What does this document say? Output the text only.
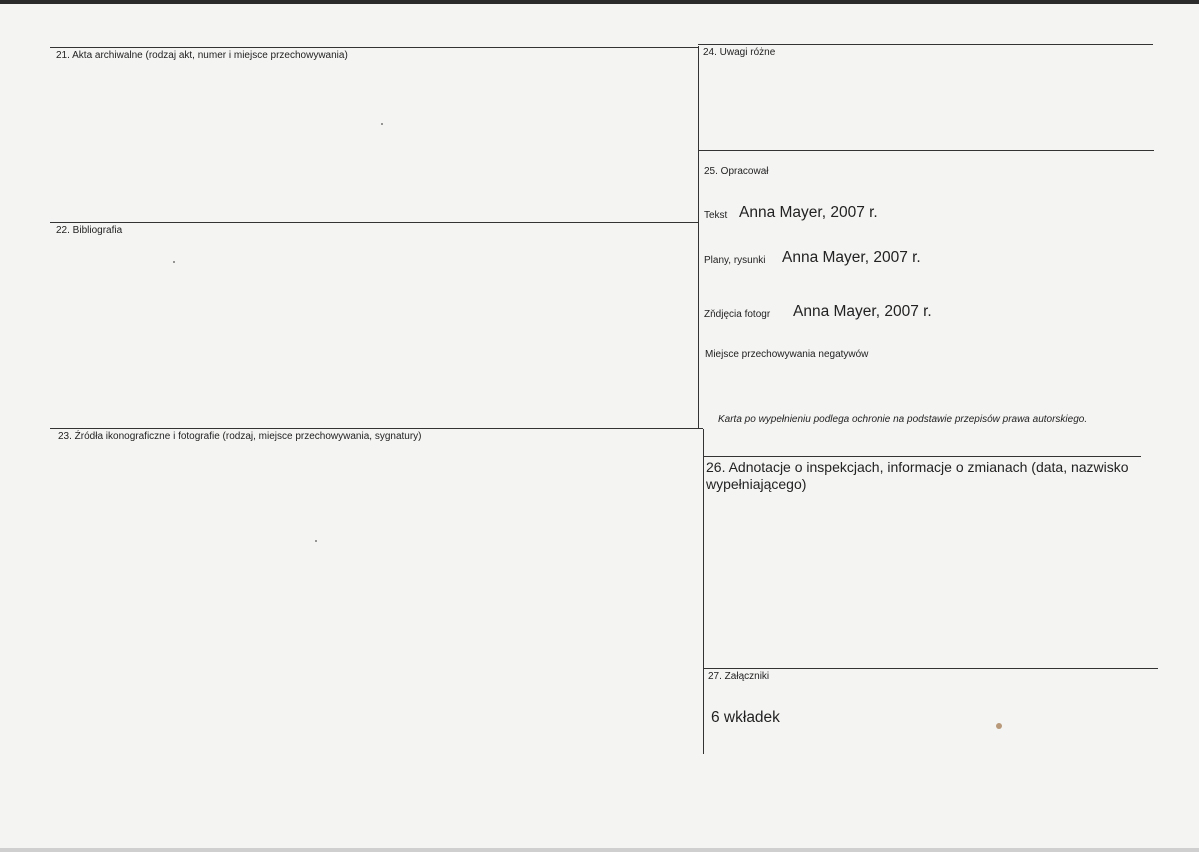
21. Akta archiwalne (rodzaj akt, numer i miejsce przechowywania)
22. Bibliografia
23. Źródła ikonograficzne i fotografie (rodzaj, miejsce przechowywania, sygnatury)
24. Uwagi różne
25. Opracował
Tekst Anna Mayer, 2007 r.
Plany, rysunki Anna Mayer, 2007 r.
Zňdjęcia fotogr Anna Mayer, 2007 r.
Miejsce przechowywania negatywów
Karta po wypełnieniu podlega ochronie na podstawie przepisów prawa autorskiego.
26. Adnotacje o inspekcjach, informacje o zmianach (data, nazwisko wypełniającego)
27. Załączniki
6 wkładek
